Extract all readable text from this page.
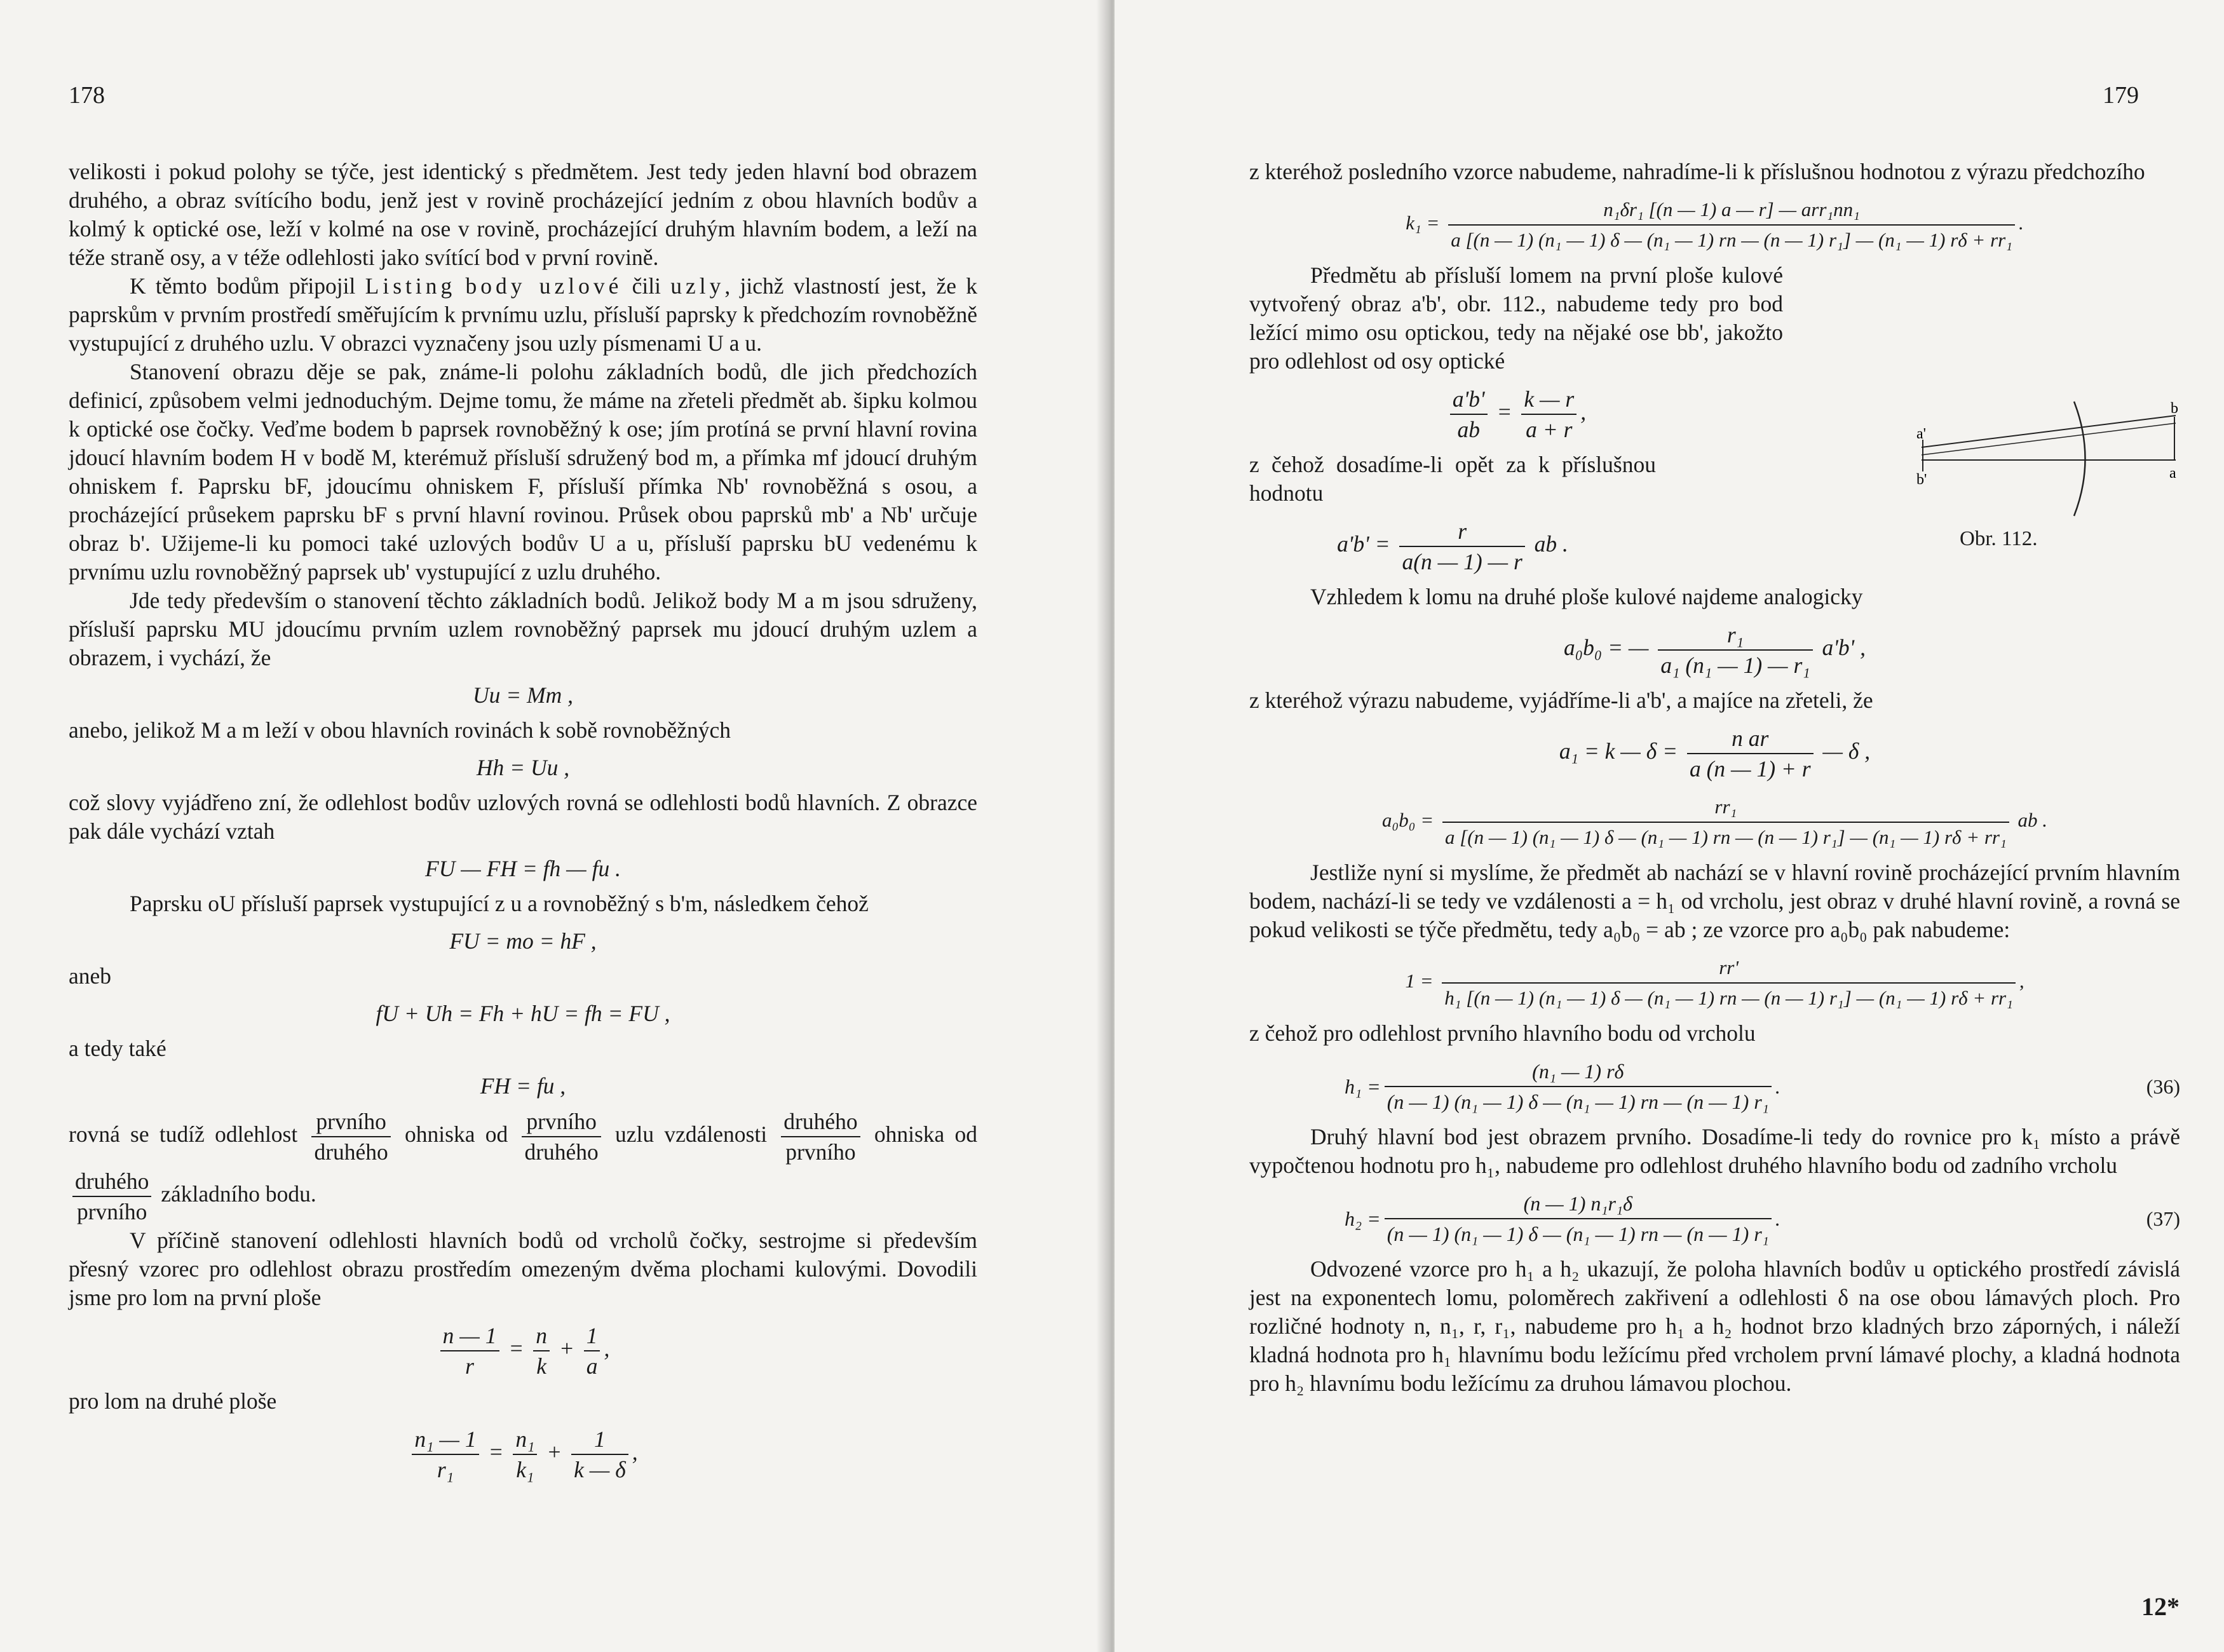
178

velikosti i pokud polohy se týče, jest identický s předmětem. Jest tedy jeden hlavní bod obrazem druhého, a obraz svítícího bodu, jenž jest v rovině procházející jedním z obou hlavních bodův a kolmý k optické ose, leží v kolmé na ose v rovině, procházející druhým hlavním bodem, a leží na téže straně osy, a v téže odlehlosti jako svítící bod v první rovině.

K těmto bodům připojil Listing body uzlové čili uzly, jichž vlastností jest, že k paprskům v prvním prostředí směřujícím k prvnímu uzlu, přísluší paprsky k předchozím rovnoběžně vystupující z druhého uzlu. V obrazci vyznačeny jsou uzly písmenami U a u.

Stanovení obrazu děje se pak, známe-li polohu základních bodů, dle jich předchozích definicí, způsobem velmi jednoduchým. Dejme tomu, že máme na zřeteli předmět ab. šipku kolmou k optické ose čočky. Veďme bodem b paprsek rovnoběžný k ose; jím protíná se první hlavní rovina jdoucí hlavním bodem H v bodě M, kterémuž přísluší sdružený bod m, a přímka mf jdoucí druhým ohniskem f. Paprsku bF, jdoucímu ohniskem F, přísluší přímka Nb' rovnoběžná s osou, a procházející průsekem paprsku bF s první hlavní rovinou. Průsek obou paprsků mb' a Nb' určuje obraz b'. Užijeme-li ku pomoci také uzlových bodův U a u, přísluší paprsku bU vedenému k prvnímu uzlu rovnoběžný paprsek ub' vystupující z uzlu druhého.

Jde tedy především o stanovení těchto základních bodů. Jelikož body M a m jsou sdruženy, přísluší paprsku MU jdoucímu prvním uzlem rovnoběžný paprsek mu jdoucí druhým uzlem a obrazem, i vychází, že

Uu = Mm ,

anebo, jelikož M a m leží v obou hlavních rovinách k sobě rovnoběžných

Hh = Uu ,

což slovy vyjádřeno zní, že odlehlost bodův uzlových rovná se odlehlosti bodů hlavních. Z obrazce pak dále vychází vztah

FU — FH = fh — fu .

Paprsku oU přísluší paprsek vystupující z u a rovnoběžný s b'm, následkem čehož

FU = mo = hF ,

aneb

fU + Uh = Fh + hU = fh = FU ,

a tedy také

FH = fu ,

rovná se tudíž odlehlost $\frac{\text{prvního}}{\text{druhého}}$ ohniska od $\frac{\text{prvního}}{\text{druhého}}$ uzlu vzdálenosti $\frac{\text{druhého}}{\text{prvního}}$ ohniska od
$\frac{\text{druhého}}{\text{prvního}}$ základního bodu.

V příčině stanovení odlehlosti hlavních bodů od vrcholů čočky, sestrojme si především přesný vzorec pro odlehlost obrazu prostředím omezeným dvěma plochami kulovými. Dovodili jsme pro lom na první ploše

$\frac{n — 1}{r} = \frac{n}{k} + \frac{1}{a}$ ,

pro lom na druhé ploše

$\frac{\text{n₁ — 1}}{\text{r₁}} = \frac{\text{n₁}}{\text{k₁}} + \frac{1}{k — \delta}$ ,
179

z kteréhož posledního vzorce nabudeme, nahradíme-li k příslušnou hodnotou z výrazu předchozího

k₁ =
n₁δr₁ [(n — 1) a — r] — arr₁nn₁
a [(n — 1) (n₁ — 1) δ — (n₁ — 1) rn — (n — 1) r₁] — (n₁ — 1) rδ + rr₁
.

Předmětu ab přísluší lomem na první ploše kulové vytvořený obraz a'b', obr. 112., nabudeme tedy pro bod ležící mimo osu optickou, tedy na nějaké ose bb', jakožto pro odlehlost od osy optické

$\frac{a'b'}{ab} = \frac{k — r}{a + r}$ ,

z čehož dosadíme-li opět za k příslušnou hodnotu

$a'b' = \frac{r}{a(n — 1) — r}$ ab .

Vzhledem k lomu na druhé ploše kulové najdeme analogicky

a₀b₀ = — $\frac{\text{r₁}}{\text{a₁ (n₁ — 1) — r₁}} a'b'$ ,

z kteréhož výrazu nabudeme, vyjádříme-li a'b', a majíce na zřeteli, že

a₁ = k — $\delta = \frac{\text{n ar}}{a (n — 1) + r}$ — δ ,
a₀b₀ =
rr₁
a [(n — 1) (n₁ — 1) δ — (n₁ — 1) rn — (n — 1) r₁] — (n₁ — 1) rδ + rr₁
ab .

Jestliže nyní si myslíme, že předmět ab nachází se v hlavní rovině procházející prvním hlavním bodem, nachází-li se tedy ve vzdálenosti a = h₁ od vrcholu, jest obraz v druhé hlavní rovině, a rovná se pokud velikosti se týče předmětu, tedy a₀b₀ = ab ; ze vzorce pro a₀b₀ pak nabudeme:

1 =
rr'
h₁ [(n — 1) (n₁ — 1) δ — (n₁ — 1) rn — (n — 1) r₁] — (n₁ — 1) rδ + rr₁
,

z čehož pro odlehlost prvního hlavního bodu od vrcholu

$h_1 = \frac{\text{(n₁ — 1) rδ}}{\text{(n — 1) (n₁ — 1) δ — (n₁ — 1) rn — (n — 1) r₁}}$ .	(36)

Druhý hlavní bod jest obrazem prvního. Dosadíme-li tedy do rovnice pro k₁ místo a právě vypočtenou hodnotu pro h₁, nabudeme pro odlehlost druhého hlavního bodu od zadního vrcholu

$h_2 = \frac{\text{(n — 1) n₁r₁δ}}{\text{(n — 1) (n₁ — 1) δ — (n₁ — 1) rn — (n — 1) r₁}}$ .	(37)

Odvozené vzorce pro h₁ a h₂ ukazují, že poloha hlavních bodův u optického prostředí závislá jest na exponentech lomu, poloměrech zakřivení a odlehlosti δ na ose obou lámavých ploch. Pro rozličné hodnoty n, n₁, r, r₁, nabudeme pro h₁ a h₂ hodnot brzo kladných brzo záporných, i náleží kladná hodnota pro h₁ hlavnímu bodu ležícímu před vrcholem první lámavé plochy, a kladná hodnota pro h₂ hlavnímu bodu ležícímu za druhou lámavou plochou.

a'
b'
b
a
Obr. 112.
12*
